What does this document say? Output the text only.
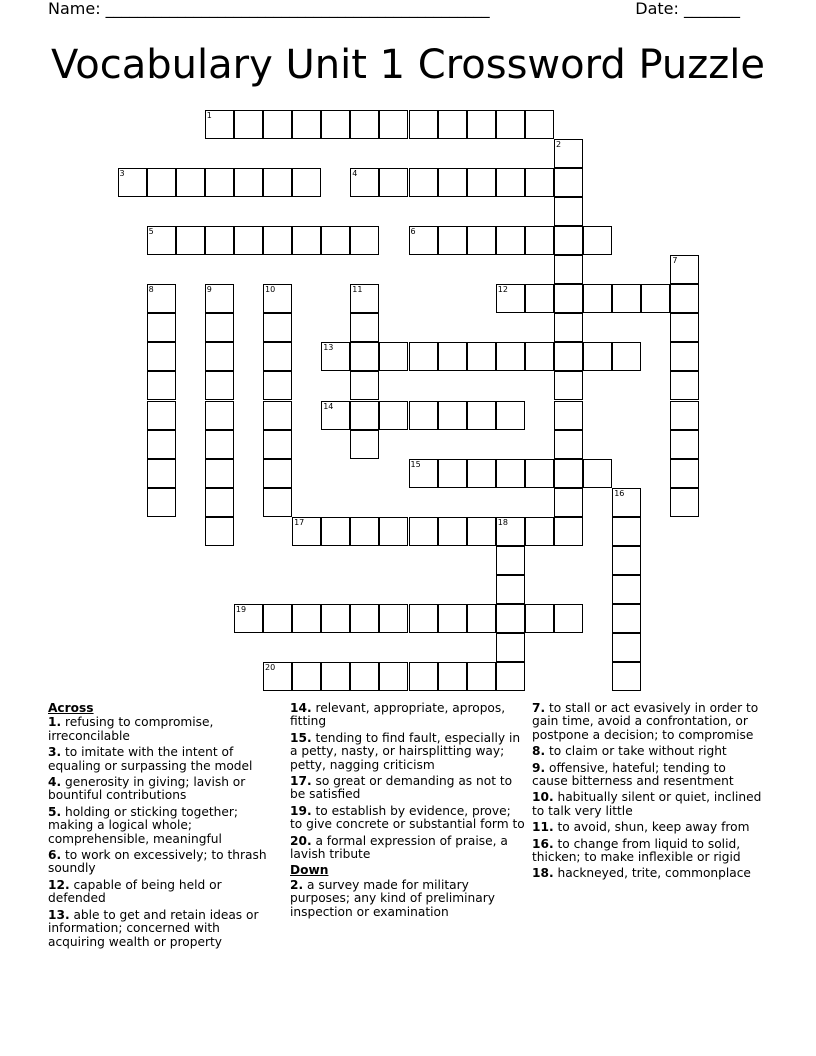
Name: ________________________________________________	Date: _______
Vocabulary Unit 1 Crossword Puzzle
1
2
3	4
5	6
7
8	9	10	11	12
13
14
15
16
17	18
19
20

Across

1. refusing to compromise, irreconcilable

3. to imitate with the intent of equaling or surpassing the model

4. generosity in giving; lavish or bountiful contributions

5. holding or sticking together; making a logical whole; comprehensible, meaningful

6. to work on excessively; to thrash soundly

12. capable of being held or defended

13. able to get and retain ideas or information; concerned with acquiring wealth or property

14. relevant, appropriate, apropos, fitting

15. tending to find fault, especially in a petty, nasty, or hairsplitting way; petty, nagging criticism

17. so great or demanding as not to be satisfied

19. to establish by evidence, prove; to give concrete or substantial form to

20. a formal expression of praise, a lavish tribute

Down

2. a survey made for military purposes; any kind of preliminary inspection or examination

7. to stall or act evasively in order to gain time, avoid a confrontation, or postpone a decision; to compromise

8. to claim or take without right

9. offensive, hateful; tending to cause bitterness and resentment

10. habitually silent or quiet, inclined to talk very little

11. to avoid, shun, keep away from

16. to change from liquid to solid, thicken; to make inflexible or rigid

18. hackneyed, trite, commonplace
